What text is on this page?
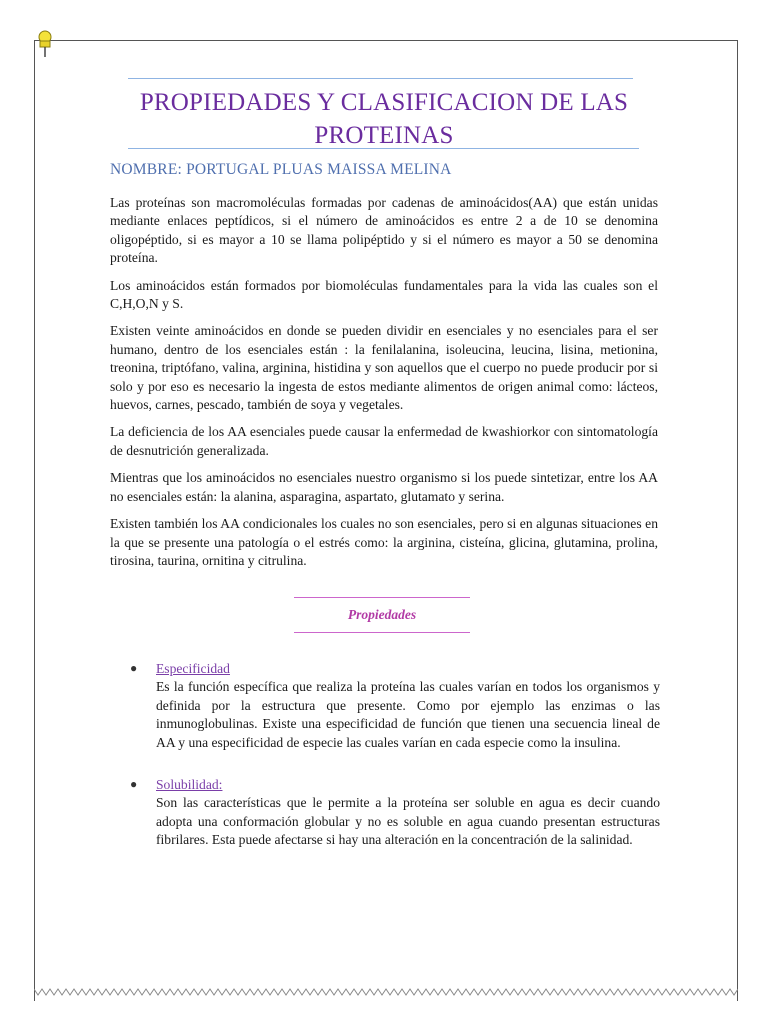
PROPIEDADES Y CLASIFICACION DE LAS PROTEINAS
NOMBRE: PORTUGAL PLUAS MAISSA MELINA

Las proteínas son macromoléculas formadas por cadenas de aminoácidos(AA) que están unidas mediante enlaces peptídicos, si el número de aminoácidos es entre 2 a de 10 se denomina oligopéptido, si es mayor a 10 se llama polipéptido y si el número es mayor a 50 se denomina proteína.

Los aminoácidos están formados por biomoléculas fundamentales para la vida las cuales son el C,H,O,N y S.

Existen veinte aminoácidos en donde se pueden dividir en esenciales y no esenciales para el ser humano, dentro de los esenciales están : la fenilalanina, isoleucina, leucina, lisina, metionina, treonina, triptófano, valina, arginina, histidina y son aquellos que el cuerpo no puede producir por si solo y por eso es necesario la ingesta de estos mediante alimentos de origen animal como: lácteos, huevos, carnes, pescado, también de soya y vegetales.

La deficiencia de los AA esenciales puede causar la enfermedad de kwashiorkor con sintomatología de desnutrición generalizada.

Mientras que los aminoácidos no esenciales nuestro organismo si los puede sintetizar, entre los AA no esenciales están: la alanina, asparagina, aspartato, glutamato y serina.

Existen también los AA condicionales los cuales no son esenciales, pero si en algunas situaciones en la que se presente una patología o el estrés como: la arginina, cisteína, glicina, glutamina, prolina, tirosina, taurina, ornitina y citrulina.

Propiedades
● Especificidad

Es la función específica que realiza la proteína las cuales varían en todos los organismos y definida por la estructura que presente. Como por ejemplo las enzimas o las inmunoglobulinas. Existe una especificidad de función que tienen una secuencia lineal de AA y una especificidad de especie las cuales varían en cada especie como la insulina.

● Solubilidad:

Son las características que le permite a la proteína ser soluble en agua es decir cuando adopta una conformación globular y no es soluble en agua cuando presentan estructuras fibrilares. Esta puede afectarse si hay una alteración en la concentración de la salinidad.
